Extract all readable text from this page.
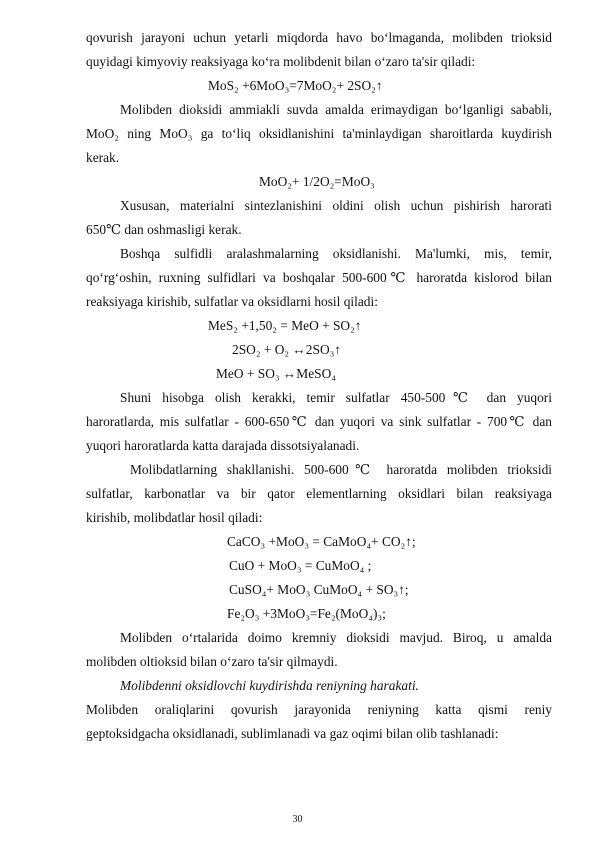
qovurish jarayoni uchun yetarli miqdorda havo bo‘lmaganda, molibden trioksid
quyidagi kimyoviy reaksiyaga ko‘ra molibdenit bilan o‘zaro ta'sir qiladi:
MoS₂ +6MoO₃=7MoO₂+ 2SO₂↑
Molibden dioksidi ammiakli suvda amalda erimaydigan bo‘lganligi sababli,
MoO₂ ning MoO₃ ga to‘liq oksidlanishini ta'minlaydigan sharoitlarda kuydirish
kerak.
MoO₂+ 1/2O₂=MoO₃
Xususan, materialni sintezlanishini oldini olish uchun pishirish harorati
650℃ dan oshmasligi kerak.
Boshqa sulfidli aralashmalarning oksidlanishi. Ma'lumki, mis, temir,
qo‘rg‘oshin, ruxning sulfidlari va boshqalar 500-600℃ haroratda kislorod bilan
reaksiyaga kirishib, sulfatlar va oksidlarni hosil qiladi:
MeS₂ +1,50₂ = MeO + SO₂↑
2SO₂ + O₂ ↔2SO₃↑
MeO + SO₃ ↔MeSO₄
Shuni hisobga olish kerakki, temir sulfatlar 450-500℃ dan yuqori
haroratlarda, mis sulfatlar - 600-650℃ dan yuqori va sink sulfatlar - 700℃ dan
yuqori haroratlarda katta darajada dissotsiyalanadi.
Molibdatlarning shakllanishi. 500-600℃ haroratda molibden trioksidi
sulfatlar, karbonatlar va bir qator elementlarning oksidlari bilan reaksiyaga
kirishib, molibdatlar hosil qiladi:
CaCO₃ +MoO₃ = CaMoO₄+ CO₂↑;
CuO + MoO₃ = CuMoO₄ ;
CuSO₄+ MoO₃ CuMoO₄ + SO₃↑;
Fe₂O₃ +3MoO₃=Fe₂(MoO₄)₃;
Molibden o‘rtalarida doimo kremniy dioksidi mavjud. Biroq, u amalda
molibden oltioksid bilan o‘zaro ta'sir qilmaydi.
Molibdenni oksidlovchi kuydirishda reniyning harakati.
Molibden oraliqlarini qovurish jarayonida reniyning katta qismi reniy
geptoksidgacha oksidlanadi, sublimlanadi va gaz oqimi bilan olib tashlanadi:
30
